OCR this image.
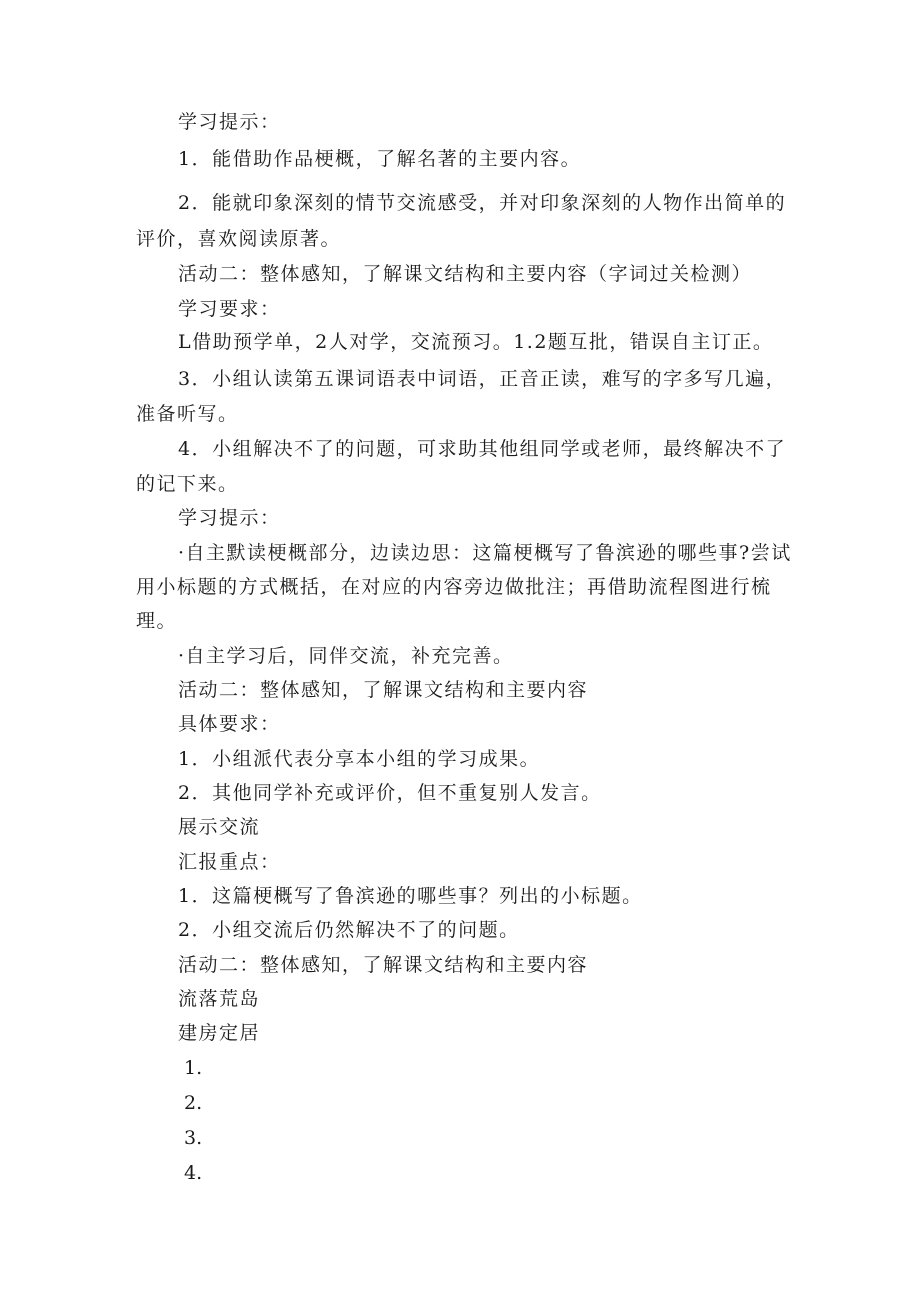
学习提示：
1．能借助作品梗概，了解名著的主要内容。
2．能就印象深刻的情节交流感受，并对印象深刻的人物作出简单的
评价，喜欢阅读原著。
活动二：整体感知，了解课文结构和主要内容（字词过关检测）
学习要求：
L借助预学单，2人对学，交流预习。1.2题互批，错误自主订正。
3．小组认读第五课词语表中词语，正音正读，难写的字多写几遍，
准备听写。
4．小组解决不了的问题，可求助其他组同学或老师，最终解决不了
的记下来。
学习提示：
·自主默读梗概部分，边读边思：这篇梗概写了鲁滨逊的哪些事?尝试
用小标题的方式概括，在对应的内容旁边做批注；再借助流程图进行梳
理。
·自主学习后，同伴交流，补充完善。
活动二：整体感知，了解课文结构和主要内容
具体要求：
1．小组派代表分享本小组的学习成果。
2．其他同学补充或评价，但不重复别人发言。
展示交流
汇报重点：
1．这篇梗概写了鲁滨逊的哪些事？列出的小标题。
2．小组交流后仍然解决不了的问题。
活动二：整体感知，了解课文结构和主要内容
流落荒岛
建房定居
1.
2.
3.
4.
